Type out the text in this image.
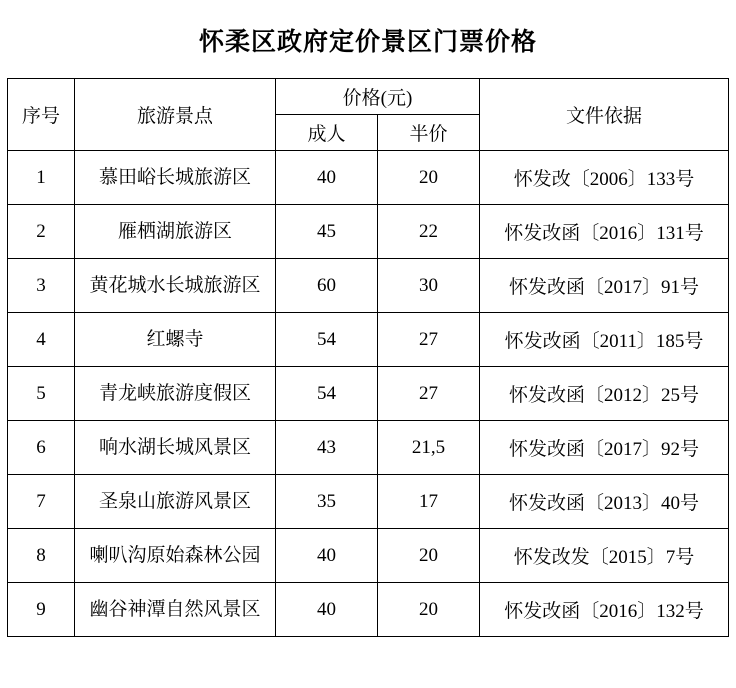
怀柔区政府定价景区门票价格
序号	旅游景点	价格(元)		文件依据
		成人	半价	
1	慕田峪长城旅游区	40	20	怀发改〔2006〕133号
2	雁栖湖旅游区	45	22	怀发改函〔2016〕131号
3	黄花城水长城旅游区	60	30	怀发改函〔2017〕91号
4	红螺寺	54	27	怀发改函〔2011〕185号
5	青龙峡旅游度假区	54	27	怀发改函〔2012〕25号
6	响水湖长城风景区	43	21,5	怀发改函〔2017〕92号
7	圣泉山旅游风景区	35	17	怀发改函〔2013〕40号
8	喇叭沟原始森林公园	40	20	怀发改发〔2015〕7号
9	幽谷神潭自然风景区	40	20	怀发改函〔2016〕132号
